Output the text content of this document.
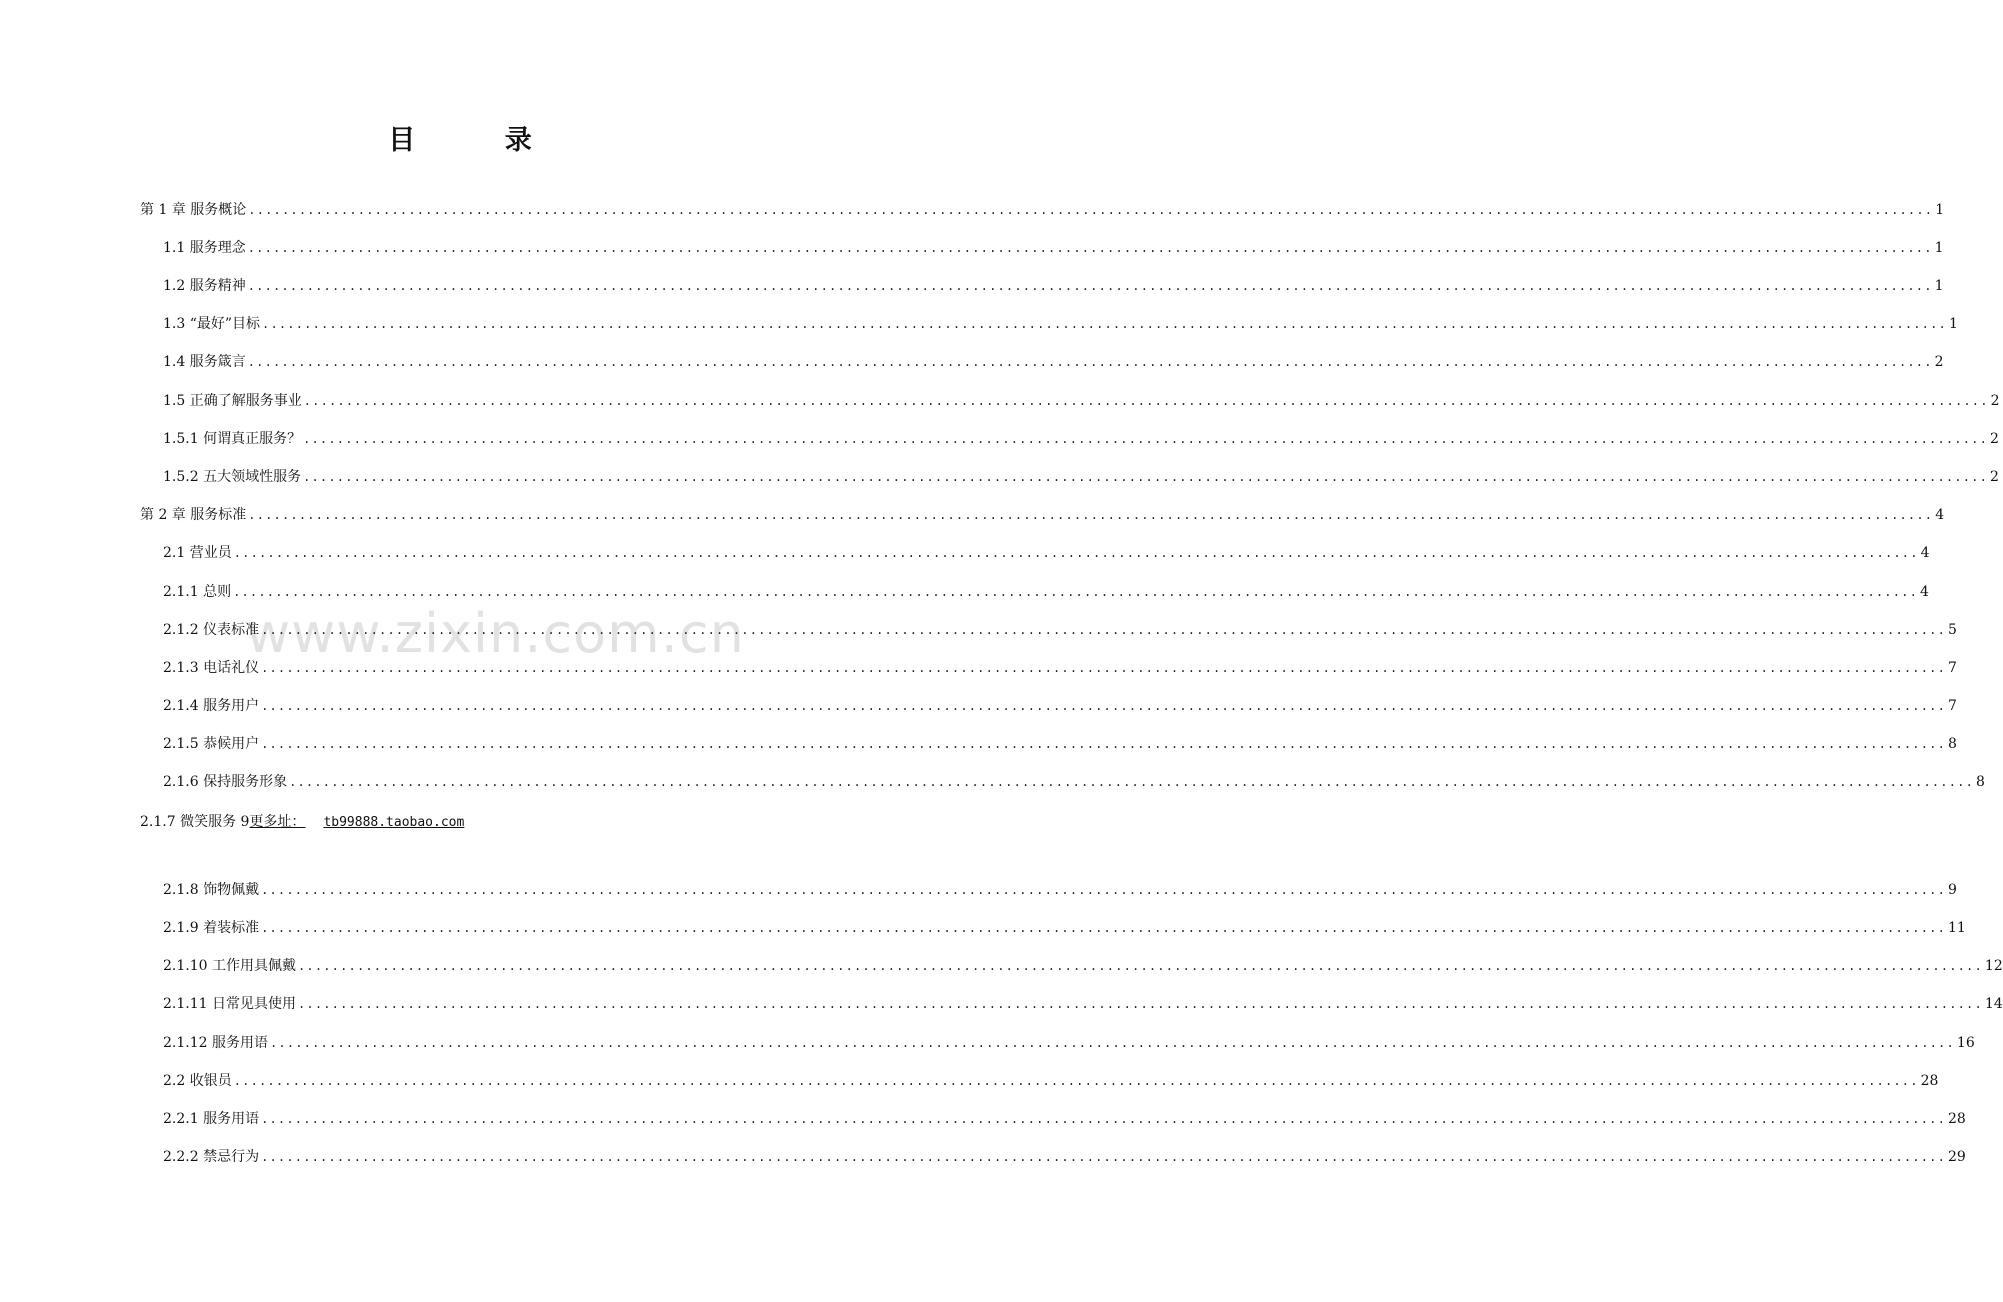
目 录
www.zixin.com.cn
第 1 章 服务概论 ........................................................................................................................................................................................................ 1
1.1 服务理念 ........................................................................................................................................................................................................ 1
1.2 服务精神 ........................................................................................................................................................................................................ 1
1.3 “最好”目标 ........................................................................................................................................................................................................ 1
1.4 服务箴言 ........................................................................................................................................................................................................ 2
1.5 正确了解服务事业 ........................................................................................................................................................................................................ 2
1.5.1 何谓真正服务？ ........................................................................................................................................................................................................ 2
1.5.2 五大领域性服务 ........................................................................................................................................................................................................ 2
第 2 章 服务标准 ........................................................................................................................................................................................................ 4
2.1 营业员 ........................................................................................................................................................................................................ 4
2.1.1 总则 ........................................................................................................................................................................................................ 4
2.1.2 仪表标准 ........................................................................................................................................................................................................ 5
2.1.3 电话礼仪 ........................................................................................................................................................................................................ 7
2.1.4 服务用户 ........................................................................................................................................................................................................ 7
2.1.5 恭候用户 ........................................................................................................................................................................................................ 8
2.1.6 保持服务形象 ........................................................................................................................................................................................................ 8
2.1.7 微笑服务 9更多址： tb99888.taobao.com
2.1.8 饰物佩戴 ........................................................................................................................................................................................................ 9
2.1.9 着装标准 ........................................................................................................................................................................................................ 11
2.1.10 工作用具佩戴 ........................................................................................................................................................................................................ 12
2.1.11 日常见具使用 ........................................................................................................................................................................................................ 14
2.1.12 服务用语 ........................................................................................................................................................................................................ 16
2.2 收银员 ........................................................................................................................................................................................................ 28
2.2.1 服务用语 ........................................................................................................................................................................................................ 28
2.2.2 禁忌行为 ........................................................................................................................................................................................................ 29
